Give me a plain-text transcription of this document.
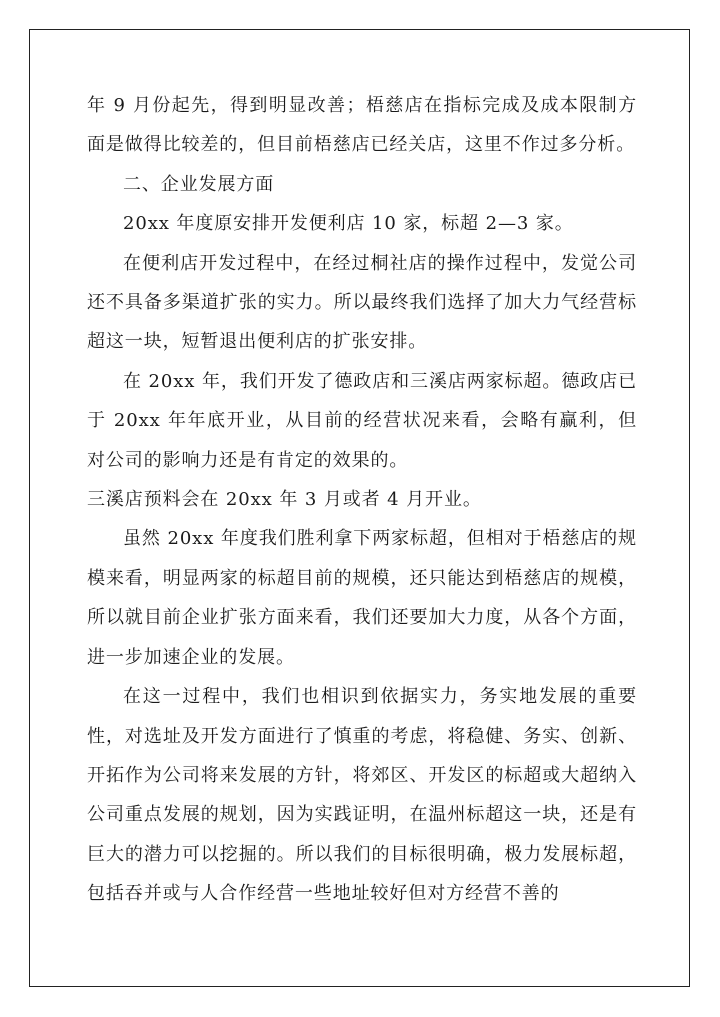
年 9 月份起先，得到明显改善；梧慈店在指标完成及成本限制方面是做得比较差的，但目前梧慈店已经关店，这里不作过多分析。

二、企业发展方面

20xx 年度原安排开发便利店 10 家，标超 2—3 家。

在便利店开发过程中，在经过桐社店的操作过程中，发觉公司还不具备多渠道扩张的实力。所以最终我们选择了加大力气经营标超这一块，短暂退出便利店的扩张安排。

在 20xx 年，我们开发了德政店和三溪店两家标超。德政店已于 20xx 年年底开业，从目前的经营状况来看，会略有赢利，但对公司的影响力还是有肯定的效果的。

三溪店预料会在 20xx 年 3 月或者 4 月开业。

虽然 20xx 年度我们胜利拿下两家标超，但相对于梧慈店的规模来看，明显两家的标超目前的规模，还只能达到梧慈店的规模，所以就目前企业扩张方面来看，我们还要加大力度，从各个方面，进一步加速企业的发展。

在这一过程中，我们也相识到依据实力，务实地发展的重要性，对选址及开发方面进行了慎重的考虑，将稳健、务实、创新、开拓作为公司将来发展的方针，将郊区、开发区的标超或大超纳入公司重点发展的规划，因为实践证明，在温州标超这一块，还是有巨大的潜力可以挖掘的。所以我们的目标很明确，极力发展标超，包括吞并或与人合作经营一些地址较好但对方经营不善的
